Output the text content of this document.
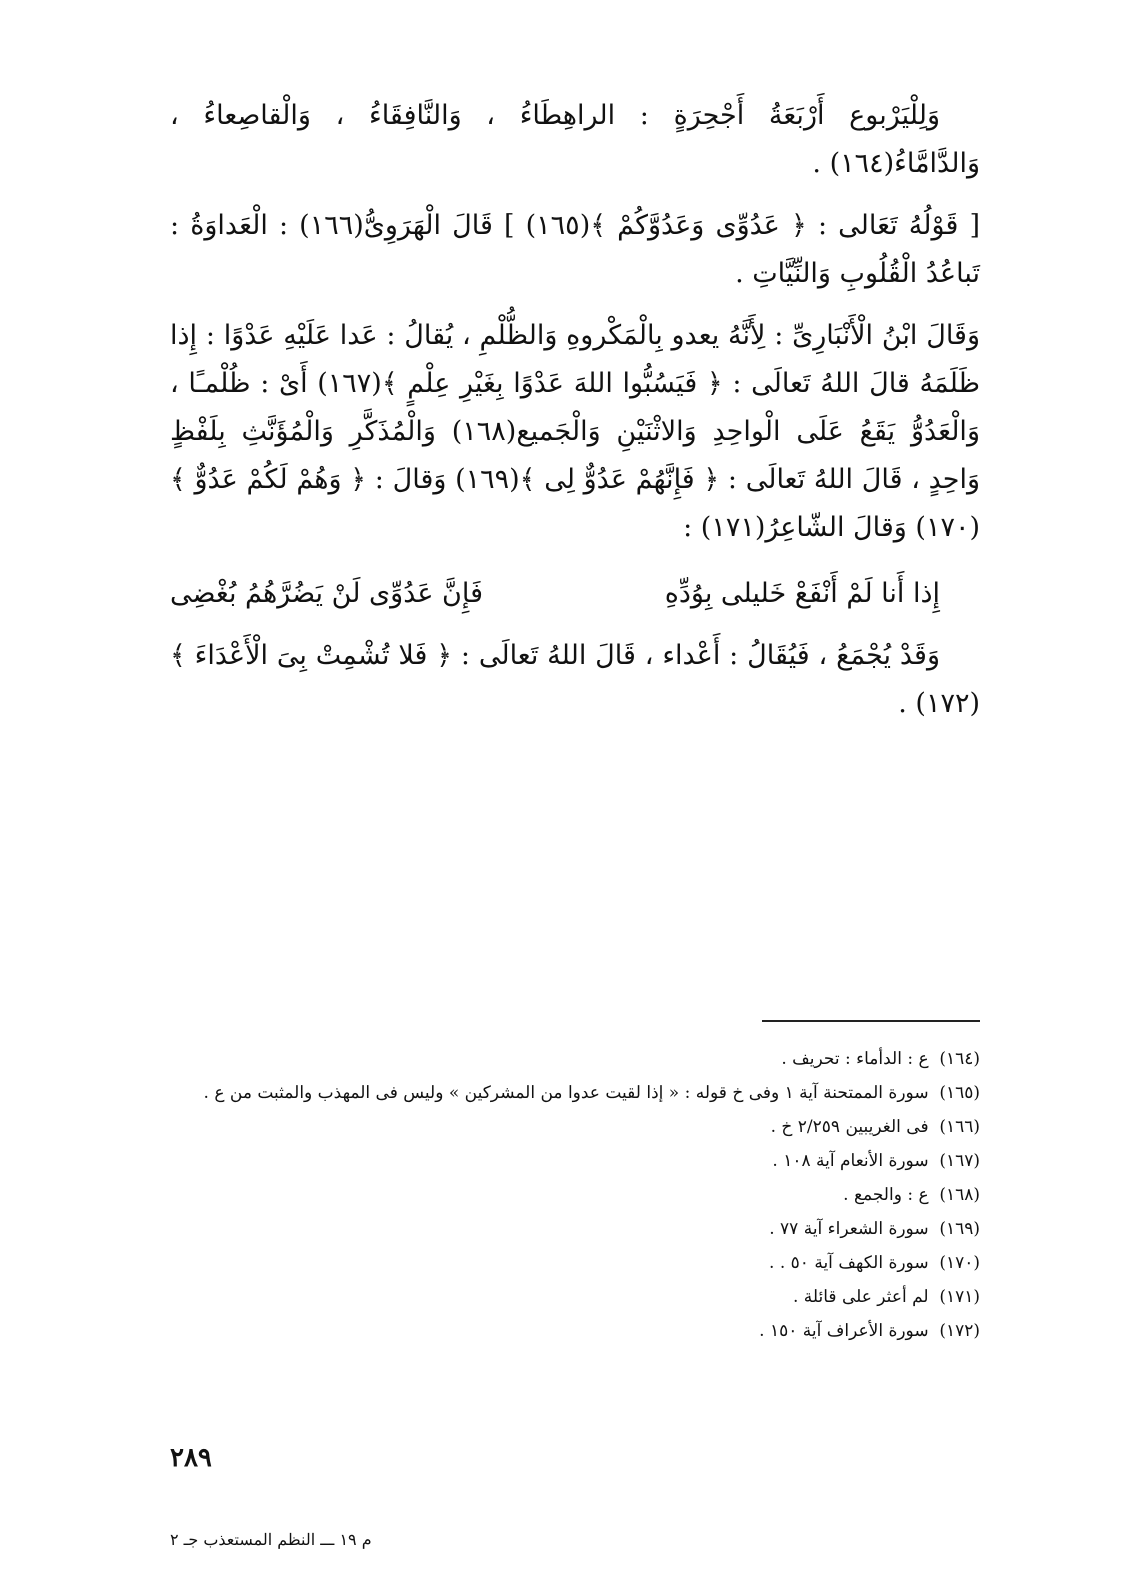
وَلِلْيَرْبوع أَرْبَعَةُ أَجْحِرَةٍ : الراهِطَاءُ ، وَالنَّافِقَاءُ ، وَالْقاصِعاءُ ، وَالدَّامَّاءُ(١٦٤) .

[ قَوْلُهُ تَعَالى : ﴿ عَدُوِّى وَعَدُوَّكُمْ ﴾(١٦٥) ] قَالَ الْهَرَوِىُّ(١٦٦) : الْعَداوَةُ : تَباعُدُ الْقُلُوبِ وَالنِّيَّاتِ .

وَقَالَ ابْنُ الْأَنْبَارِىِّ : لِأَنَّهُ يعدو بِالْمَكْروهِ وَالظُّلْمِ ، يُقالُ : عَدا عَلَيْهِ عَدْوًا : إِذا ظَلَمَهُ قالَ اللهُ تَعالَى : ﴿ فَيَسُبُّوا اللهَ عَدْوًا بِغَيْرِ عِلْمٍ ﴾(١٦٧) أَىْ : ظُلْمـًا ، وَالْعَدُوُّ يَقَعُ عَلَى الْواحِدِ وَالاثْنَيْنِ وَالْجَميع(١٦٨) وَالْمُذَكَّرِ وَالْمُؤَنَّثِ بِلَفْظٍ وَاحِدٍ ، قَالَ اللهُ تَعالَى : ﴿ فَإِنَّهُمْ عَدُوٌّ لِى ﴾(١٦٩) وَقالَ : ﴿ وَهُمْ لَكُمْ عَدُوٌّ ﴾(١٧٠) وَقالَ الشّاعِرُ(١٧١) :

إِذا أَنا لَمْ أَنْفَعْ خَليلى بِوُدِّهِ
فَإِنَّ عَدُوِّى لَنْ يَضُرَّهُمُ بُغْضِى

وَقَدْ يُجْمَعُ ، فَيُقَالُ : أَعْداء ، قَالَ اللهُ تَعالَى : ﴿ فَلا تُشْمِتْ بِىَ الْأَعْدَاءَ ﴾(١٧٢) .

(١٦٤) ع : الدأماء : تحريف .

(١٦٥) سورة الممتحنة آية ١ وفى خ قوله : « إذا لقيت عدوا من المشركين » وليس فى المهذب والمثبت من ع .

(١٦٦) فى الغريبين ٢/٢٥٩ خ .

(١٦٧) سورة الأنعام آية ١٠٨ .

(١٦٨) ع : والجمع .

(١٦٩) سورة الشعراء آية ٧٧ .

(١٧٠) سورة الكهف آية ٥٠ . .

(١٧١) لم أعثر على قائلة .

(١٧٢) سورة الأعراف آية ١٥٠ .

٢٨٩
م ١٩ ـــ النظم المستعذب جـ ٢
